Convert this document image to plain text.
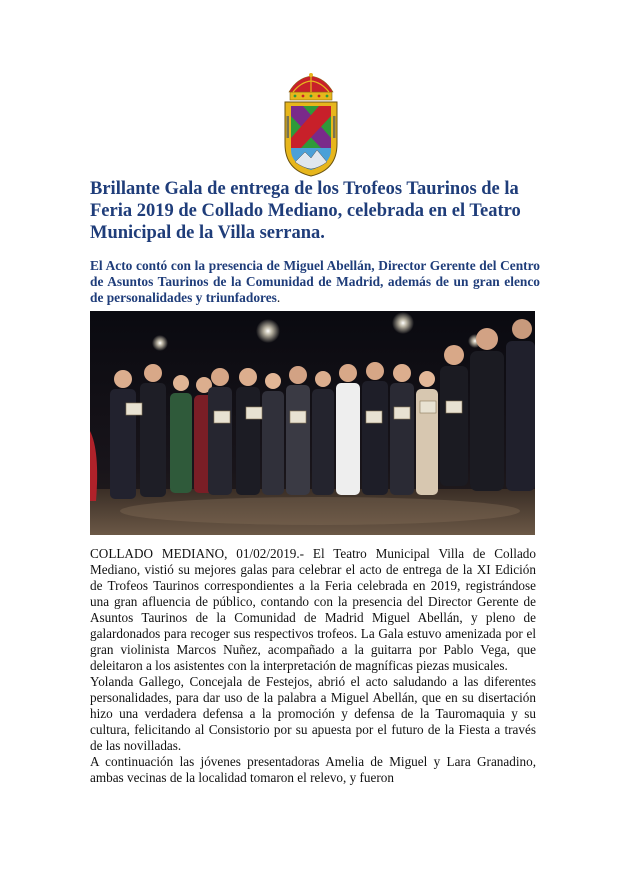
Brillante Gala de entrega de los Trofeos Taurinos de la Feria 2019 de Collado Mediano, celebrada en el Teatro Municipal de la Villa serrana.

El Acto contó con la presencia de Miguel Abellán, Director Gerente del Centro de Asuntos Taurinos de la Comunidad de Madrid, además de un gran elenco de personalidades y triunfadores.

COLLADO MEDIANO, 01/02/2019.- El Teatro Municipal Villa de Collado Mediano, vistió su mejores galas para celebrar el acto de entrega de la XI Edición de Trofeos Taurinos correspondientes a la Feria celebrada en 2019, registrándose una gran afluencia de público, contando con la presencia del Director Gerente de Asuntos Taurinos de la Comunidad de Madrid Miguel Abellán, y pleno de galardonados para recoger sus respectivos trofeos. La Gala estuvo amenizada por el gran violinista Marcos Nuñez, acompañado a la guitarra por Pablo Vega, que deleitaron a los asistentes con la interpretación de magníficas piezas musicales.

Yolanda Gallego, Concejala de Festejos, abrió el acto saludando a las diferentes personalidades, para dar uso de la palabra a Miguel Abellán, que en su disertación hizo una verdadera defensa a la promoción y defensa de la Tauromaquia y su cultura, felicitando al Consistorio por su apuesta por el futuro de la Fiesta a través de las novilladas.

A continuación las jóvenes presentadoras Amelia de Miguel y Lara Granadino, ambas vecinas de la localidad tomaron el relevo, y fueron
